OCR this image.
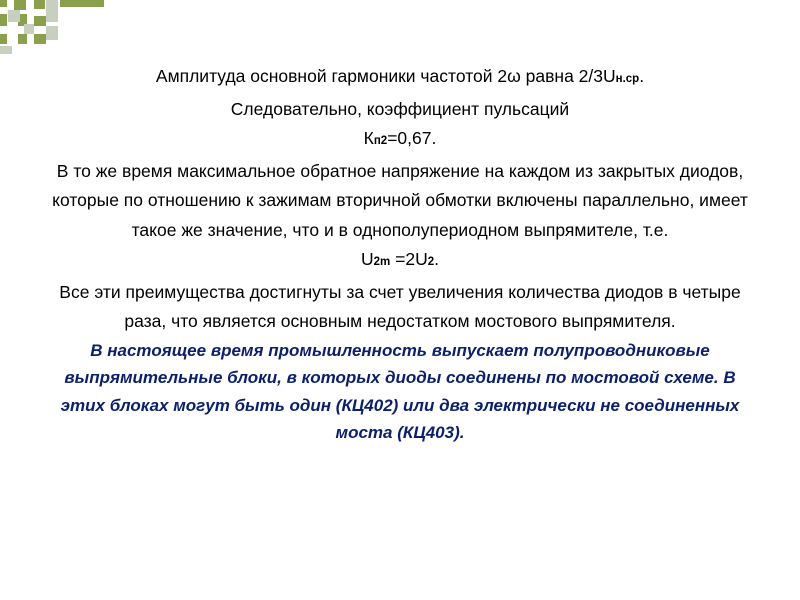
Амплитуда основной гармоники частотой 2ω равна 2/3Uн.ср.

Следовательно, коэффициент пульсаций

Кп2=0,67.

В то же время максимальное обратное напряжение на каждом из закрытых диодов, которые по отношению к зажимам вторичной обмотки включены параллельно, имеет такое же значение, что и в однополупериодном выпрямителе, т.е.

U2m =2U2.

Все эти преимущества достигнуты за счет увеличения количества диодов в четыре раза, что является основным недостатком мостового выпрямителя.

В настоящее время промышленность выпускает полупроводниковые выпрямительные блоки, в которых диоды соединены по мостовой схеме. В этих блоках могут быть один (КЦ402) или два электрически не соединенных моста (КЦ403).
